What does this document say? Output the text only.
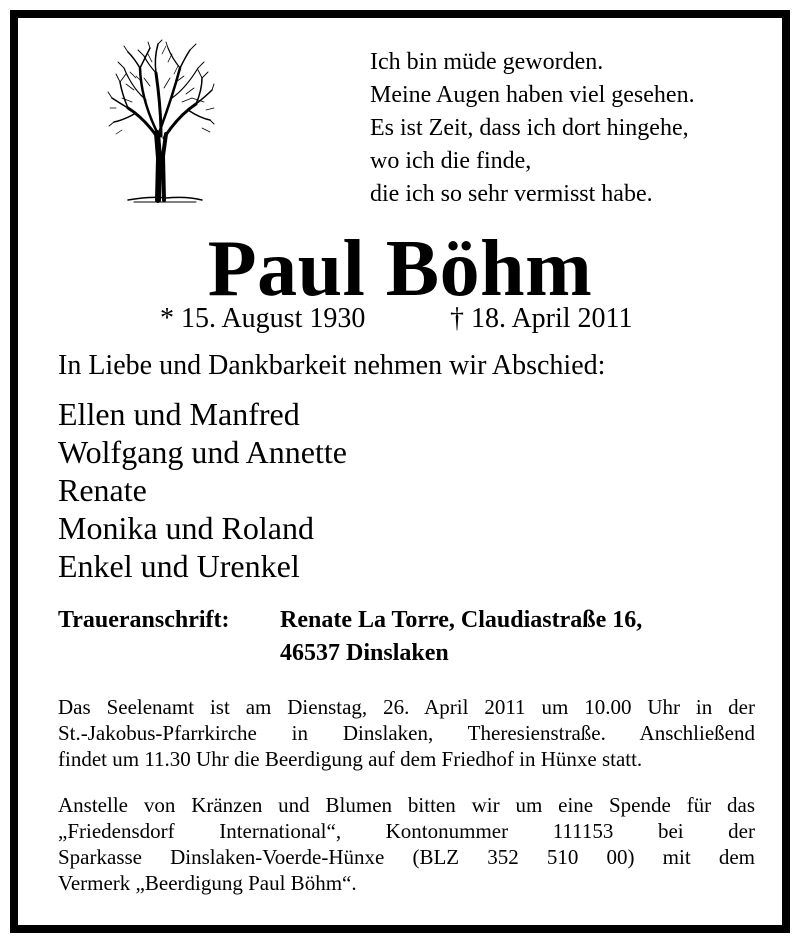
Ich bin müde geworden.
Meine Augen haben viel gesehen.
Es ist Zeit, dass ich dort hingehe,
wo ich die finde,
die ich so sehr vermisst habe.
Paul Böhm
* 15. August 1930	† 18. April 2011
In Liebe und Dankbarkeit nehmen wir Abschied:
Ellen und Manfred
Wolfgang und Annette
Renate
Monika und Roland
Enkel und Urenkel
Traueranschrift: Renate La Torre, Claudiastraße 16,
46537 Dinslaken
Das Seelenamt ist am Dienstag, 26. April 2011 um 10.00 Uhr in der
St.-Jakobus-Pfarrkirche in Dinslaken, Theresienstraße. Anschließend
findet um 11.30 Uhr die Beerdigung auf dem Friedhof in Hünxe statt.
Anstelle von Kränzen und Blumen bitten wir um eine Spende für das
„Friedensdorf International“, Kontonummer 111153 bei der
Sparkasse Dinslaken-Voerde-Hünxe (BLZ 352 510 00) mit dem
Vermerk „Beerdigung Paul Böhm“.
